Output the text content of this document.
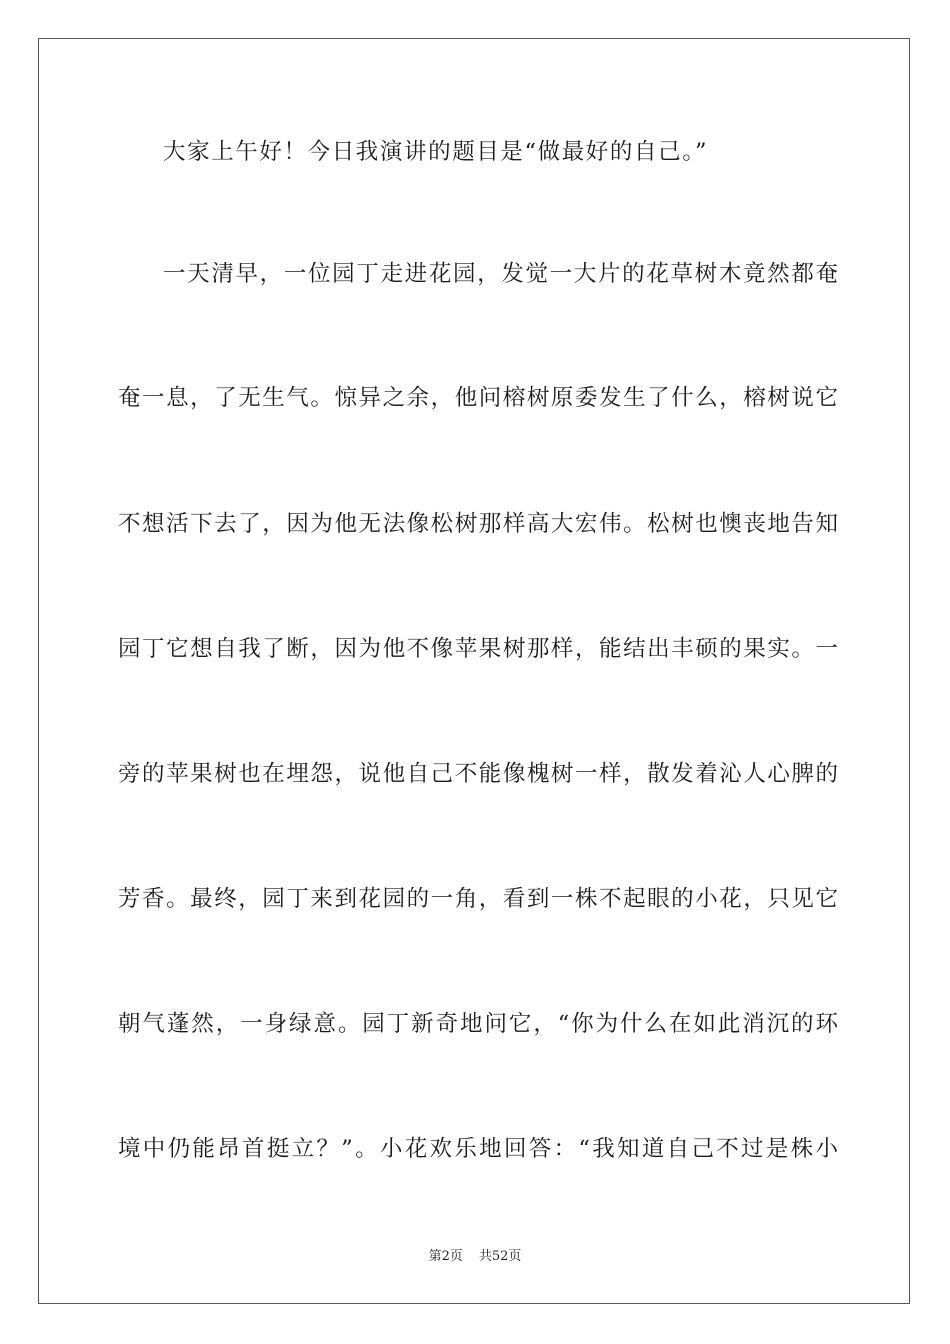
大家上午好！今日我演讲的题目是“做最好的自己。”
一天清早，一位园丁走进花园，发觉一大片的花草树木竟然都奄
奄一息，了无生气。惊异之余，他问榕树原委发生了什么，榕树说它
不想活下去了，因为他无法像松树那样高大宏伟。松树也懊丧地告知
园丁它想自我了断，因为他不像苹果树那样，能结出丰硕的果实。一
旁的苹果树也在埋怨，说他自己不能像槐树一样，散发着沁人心脾的
芳香。最终，园丁来到花园的一角，看到一株不起眼的小花，只见它
朝气蓬然，一身绿意。园丁新奇地问它，“你为什么在如此消沉的环
境中仍能昂首挺立？”。小花欢乐地回答：“我知道自己不过是株小
第2页 共52页
